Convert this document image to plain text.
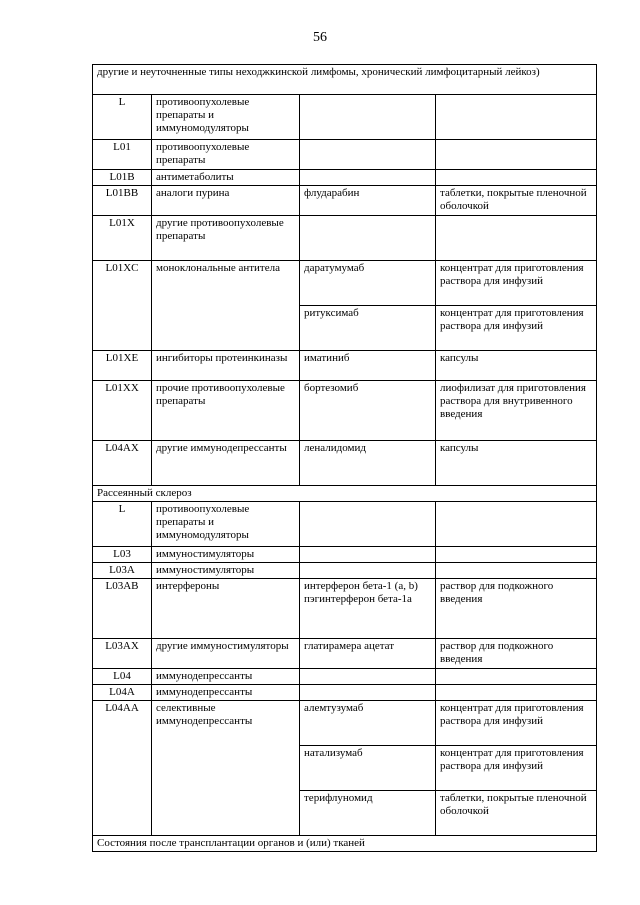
56
другие и неуточненные типы неходжкинской лимфомы, хронический лимфоцитарный лейкоз)			
L	противоопухолевые препараты и иммуномодуляторы		
L01	противоопухолевые препараты		
L01B	антиметаболиты		
L01BB	аналоги пурина	флударабин	таблетки, покрытые пленочной оболочкой
L01X	другие противоопухолевые препараты		
L01XC	моноклональные антитела	даратумумаб	концентрат для приготовления раствора для инфузий
		ритуксимаб	концентрат для приготовления раствора для инфузий
L01XE	ингибиторы протеинкиназы	иматиниб	капсулы
L01XX	прочие противоопухолевые препараты	бортезомиб	лиофилизат для приготовления раствора для внутривенного введения
L04AX	другие иммунодепрессанты	леналидомид	капсулы
Рассеянный склероз			
L	противоопухолевые препараты и иммуномодуляторы		
L03	иммуностимуляторы		
L03A	иммуностимуляторы		
L03AB	интерфероны	интерферон бета-1 (a, b) пэгинтерферон бета-1a	раствор для подкожного введения
L03AX	другие иммуностимуляторы	глатирамера ацетат	раствор для подкожного введения
L04	иммунодепрессанты		
L04A	иммунодепрессанты		
L04AA	селективные иммунодепрессанты	алемтузумаб	концентрат для приготовления раствора для инфузий
		натализумаб	концентрат для приготовления раствора для инфузий
		терифлуномид	таблетки, покрытые пленочной оболочкой
Состояния после трансплантации органов и (или) тканей			
